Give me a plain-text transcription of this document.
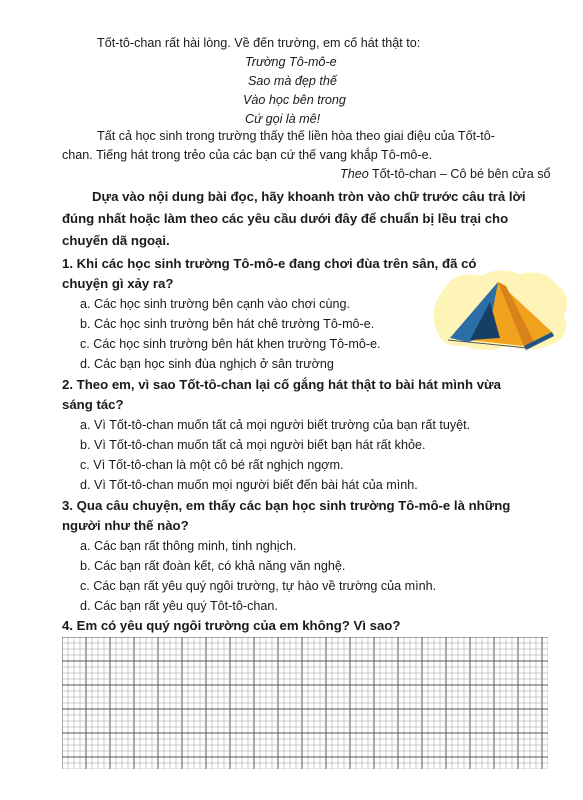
Tốt-tô-chan rất hài lòng. Về đến trường, em cố hát thật to:
Trường Tô-mô-e
Sao mà đẹp thế
Vào học bên trong
Cứ gọi là mê!
Tất cả học sinh trong trường thấy thế liền hòa theo giai điệu của Tốt-tô-
chan. Tiếng hát trong trẻo của các bạn cứ thế vang khắp Tô-mô-e.
Theo Tốt-tô-chan – Cô bé bên cửa sổ
Dựa vào nội dung bài đọc, hãy khoanh tròn vào chữ trước câu trả lời
đúng nhất hoặc làm theo các yêu cầu dưới đây để chuẩn bị lều trại cho
chuyến dã ngoại.
1. Khi các học sinh trường Tô-mô-e đang chơi đùa trên sân, đã có
chuyện gì xảy ra?
a. Các học sinh trường bên cạnh vào chơi cùng.
b. Các học sinh trường bên hát chê trường Tô-mô-e.
c. Các học sinh trường bên hát khen trường Tô-mô-e.
d. Các bạn học sinh đùa nghịch ở sân trường
2. Theo em, vì sao Tốt-tô-chan lại cố gắng hát thật to bài hát mình vừa
sáng tác?
a. Vì Tốt-tô-chan muốn tất cả mọi người biết trường của bạn rất tuyệt.
b. Vì Tốt-tô-chan muốn tất cả mọi người biết bạn hát rất khỏe.
c. Vì Tốt-tô-chan là một cô bé rất nghịch ngợm.
d. Vì Tốt-tô-chan muốn mọi người biết đến bài hát của mình.
3. Qua câu chuyện, em thấy các bạn học sinh trường Tô-mô-e là những
người như thế nào?
a. Các bạn rất thông minh, tinh nghịch.
b. Các bạn rất đoàn kết, có khả năng văn nghệ.
c. Các bạn rất yêu quý ngôi trường, tự hào về trường của mình.
d. Các bạn rất yêu quý Tôt-tô-chan.
4. Em có yêu quý ngôi trường của em không? Vì sao?
